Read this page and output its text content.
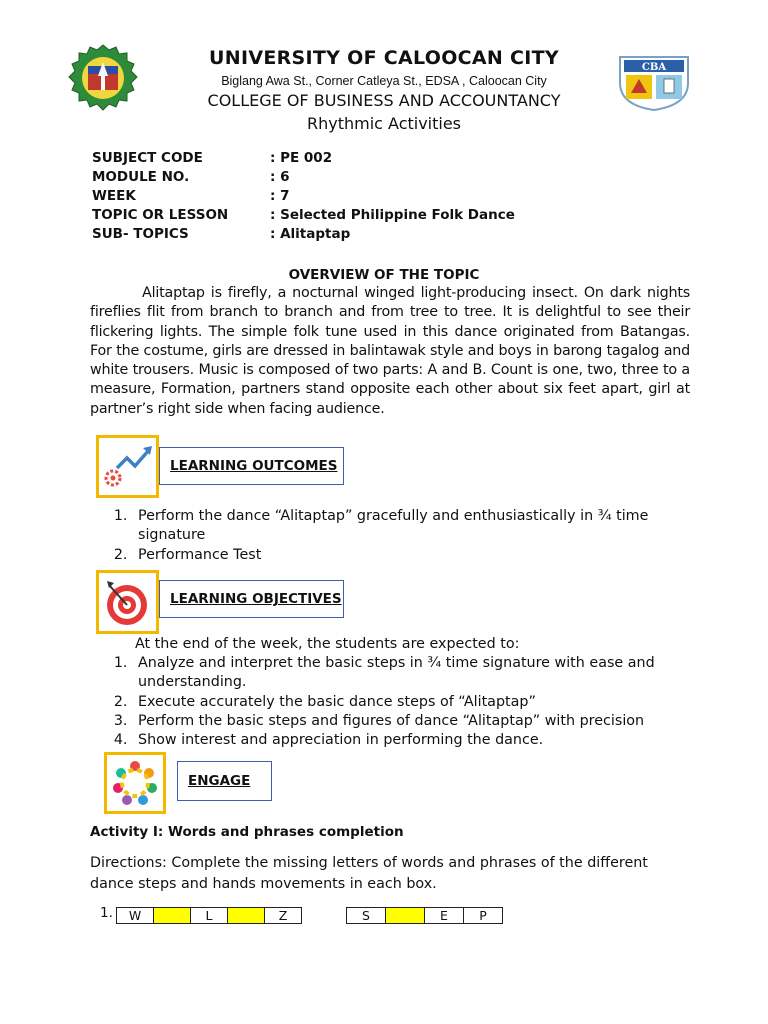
CBA
UNIVERSITY OF CALOOCAN CITY
Biglang Awa St., Corner Catleya St., EDSA , Caloocan City
COLLEGE OF BUSINESS AND ACCOUNTANCY
Rhythmic Activities
SUBJECT CODE	: PE 002
MODULE NO.	: 6
WEEK	: 7
TOPIC OR LESSON	: Selected Philippine Folk Dance
SUB- TOPICS	: Alitaptap
OVERVIEW OF THE TOPIC

Alitaptap is firefly, a nocturnal winged light-producing insect. On dark nights fireflies flit from branch to branch and from tree to tree. It is delightful to see their flickering lights. The simple folk tune used in this dance originated from Batangas. For the costume, girls are dressed in balintawak style and boys in barong tagalog and white trousers. Music is composed of two parts: A and B. Count is one, two, three to a measure, Formation, partners stand opposite each other about six feet apart, girl at partner’s right side when facing audience.

LEARNING OUTCOMES
1. Perform the dance “Alitaptap” gracefully and enthusiastically in ¾ time signature
2. Performance Test
LEARNING OBJECTIVES
At the end of the week, the students are expected to:
1. Analyze and interpret the basic steps in ¾ time signature with ease and understanding.
2. Execute accurately the basic dance steps of “Alitaptap”
3. Perform the basic steps and figures of dance “Alitaptap” with precision
4. Show interest and appreciation in performing the dance.
ENGAGE
Activity I: Words and phrases completion
Directions: Complete the missing letters of words and phrases of the different dance steps and hands movements in each box.
1. W		L		Z	S		E	P
